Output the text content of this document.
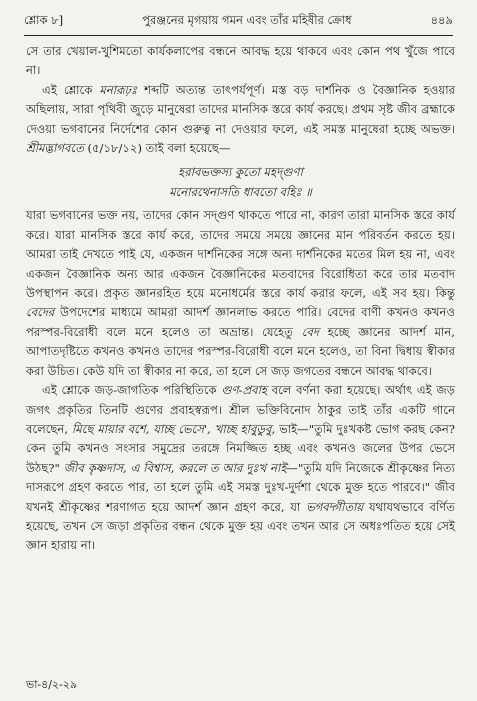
শ্লোক ৮]	পুরঞ্জনের মৃগয়ায় গমন এবং তাঁর মহিষীর ক্রোধ	৪৪৯

সে তার খেয়াল-খুশিমতো কার্যকলাপের বন্ধনে আবদ্ধ হয়ে থাকবে এবং কোন পথ খুঁজে পাবে না।

এই শ্লোকে মনারূঢ়ঃ শব্দটি অত্যন্ত তাৎপর্যপূর্ণ। মস্ত বড় দার্শনিক ও বৈজ্ঞানিক হওয়ার অছিলায়, সারা পৃথিবী জুড়ে মানুষেরা তাদের মানসিক স্তরে কার্য করছে। প্রথম সৃষ্ট জীব ব্রহ্মাকে দেওয়া ভগবানের নির্দেশের কোন গুরুত্ব না দেওয়ার ফলে, এই সমস্ত মানুষেরা হচ্ছে অভক্ত। শ্রীমদ্ভাগবতে (৫/১৮/১২) তাই বলা হয়েছে—

হরাবভক্তস্য কুতো মহদ্গুণা
মনোরথেনাসতি ধাবতো বহিঃ ॥

যারা ভগবানের ভক্ত নয়, তাদের কোন সদ্‌গুণ থাকতে পারে না, কারণ তারা মানসিক স্তরে কার্য করে। যারা মানসিক স্তরে কার্য করে, তাদের সময়ে সময়ে জ্ঞানের মান পরিবর্তন করতে হয়। আমরা তাই দেখতে পাই যে, একজন দার্শনিকের সঙ্গে অন্য দার্শনিকের মতের মিল হয় না, এবং একজন বৈজ্ঞানিক অন্য আর একজন বৈজ্ঞানিকের মতবাদের বিরোধিতা করে তার মতবাদ উপস্থাপন করে। প্রকৃত জ্ঞানরহিত হয়ে মনোধর্মের স্তরে কার্য করার ফলে, এই সব হয়। কিন্তু বেদের উপদেশের মাধ্যমে আমরা আদর্শ জ্ঞানলাভ করতে পারি। বেদের বাণী কখনও কখনও পরস্পর-বিরোধী বলে মনে হলেও তা অভ্রান্ত। যেহেতু বেদ হচ্ছে জ্ঞানের আদর্শ মান, আপাতদৃষ্টিতে কখনও কখনও তাদের পরস্পর-বিরোধী বলে মনে হলেও, তা বিনা দ্বিধায় স্বীকার করা উচিত। কেউ যদি তা স্বীকার না করে, তা হলে সে জড় জগতের বন্ধনে আবদ্ধ থাকবে।

এই শ্লোকে জড়-জাগতিক পরিস্থিতিকে গুণ-প্রবাহ বলে বর্ণনা করা হয়েছে। অর্থাৎ এই জড় জগৎ প্রকৃতির তিনটি গুণের প্রবাহস্বরূপ। শ্রীল ভক্তিবিনোদ ঠাকুর তাই তাঁর একটি গানে বলেছেন, মিছে মায়ার বশে, যাচ্ছ ভেসে', খাচ্ছ হাবুডুবু, ভাই—"তুমি দুঃখকষ্ট ভোগ করছ কেন? কেন তুমি কখনও সংসার সমুদ্রের তরঙ্গে নিমজ্জিত হচ্ছ এবং কখনও জলের উপর ভেসে উঠছ?" জীব কৃষ্ণদাস, এ বিশ্বাস, করলে ত আর দুঃখ নাই—"তুমি যদি নিজেকে শ্রীকৃষ্ণের নিত্য দাসরূপে গ্রহণ করতে পার, তা হলে তুমি এই সমস্ত দুঃখ-দুর্দশা থেকে মুক্ত হতে পারবে।" জীব যখনই শ্রীকৃষ্ণের শরণাগত হয়ে আদর্শ জ্ঞান গ্রহণ করে, যা ভগবদ্গীতায় যথাযথভাবে বর্ণিত হয়েছে, তখন সে জড়া প্রকৃতির বন্ধন থেকে মুক্ত হয় এবং তখন আর সে অধঃপতিত হয়ে সেই জ্ঞান হারায় না।

ভা-৪/২-২৯
